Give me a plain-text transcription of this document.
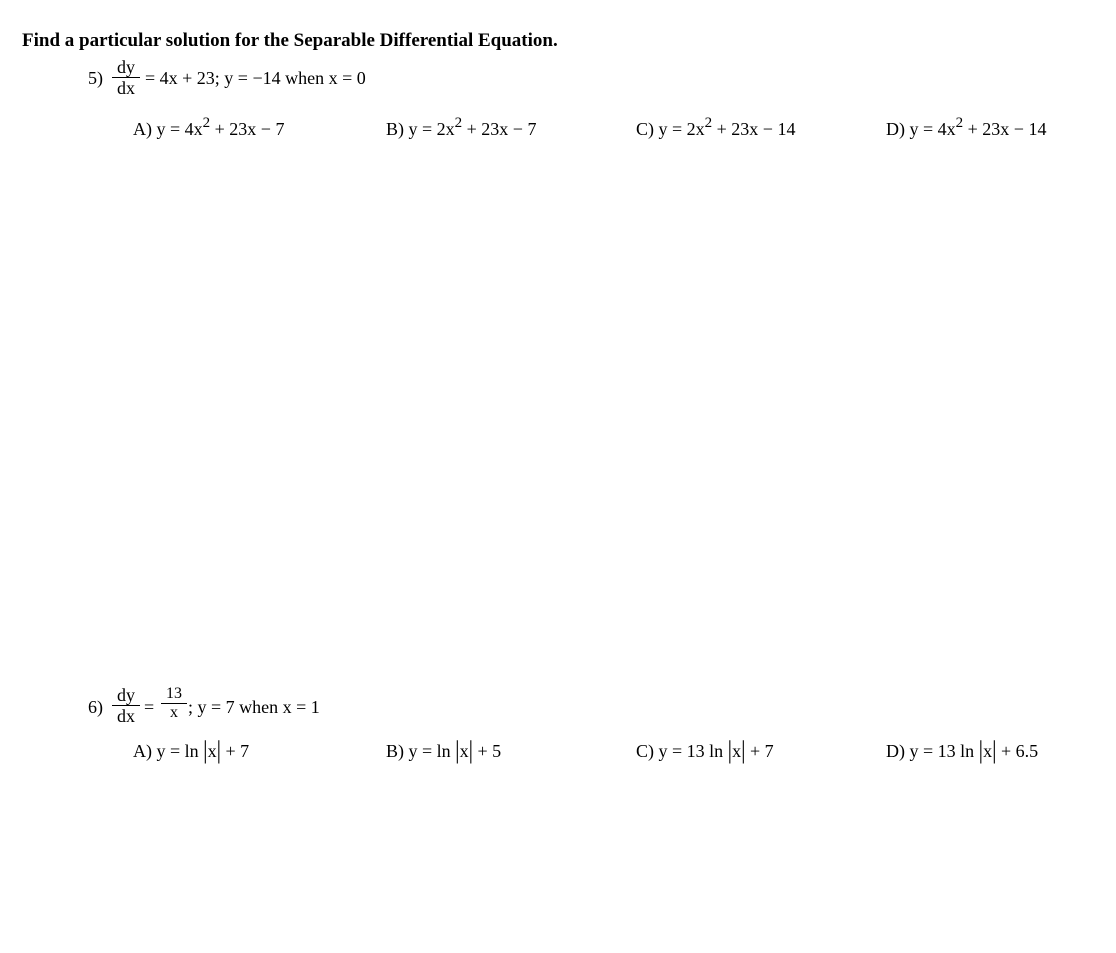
Find a particular solution for the Separable Differential Equation.
5)
dy
dx = 4x + 23; y = −14 when x = 0
A) $y = 4x^2 + 23x - 7$	B) $y = 2x^2 + 23x - 7$	C) $y = 2x^2 + 23x - 14$	D) $y = 4x^2 + 23x - 14$
6)
dy
dx =
13
x ; y = 7 when x = 1
A) y = ln |x| + 7	B) y = ln |x| + 5	C) y = 13 ln |x| + 7	D) y = 13 ln |x| + 6.5
